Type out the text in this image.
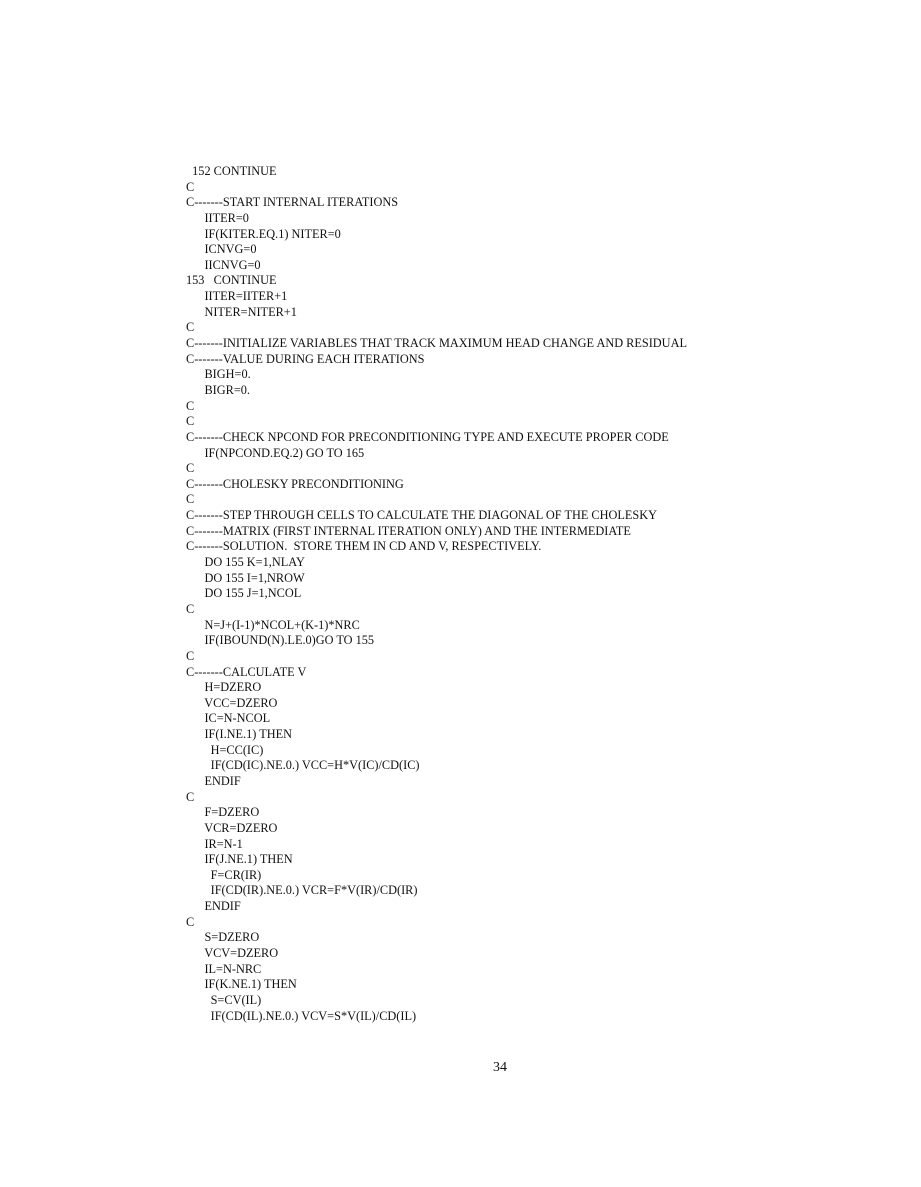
152 CONTINUE
C
C-------START INTERNAL ITERATIONS
IITER=0
IF(KITER.EQ.1) NITER=0
ICNVG=0
IICNVG=0
153   CONTINUE
IITER=IITER+1
NITER=NITER+1
C
C-------INITIALIZE VARIABLES THAT TRACK MAXIMUM HEAD CHANGE AND RESIDUAL
C-------VALUE DURING EACH ITERATIONS
BIGH=0.
BIGR=0.
C
C
C-------CHECK NPCOND FOR PRECONDITIONING TYPE AND EXECUTE PROPER CODE
IF(NPCOND.EQ.2) GO TO 165
C
C-------CHOLESKY PRECONDITIONING
C
C-------STEP THROUGH CELLS TO CALCULATE THE DIAGONAL OF THE CHOLESKY
C-------MATRIX (FIRST INTERNAL ITERATION ONLY) AND THE INTERMEDIATE
C-------SOLUTION.  STORE THEM IN CD AND V, RESPECTIVELY.
DO 155 K=1,NLAY
DO 155 I=1,NROW
DO 155 J=1,NCOL
C
N=J+(I-1)*NCOL+(K-1)*NRC
IF(IBOUND(N).LE.0)GO TO 155
C
C-------CALCULATE V
H=DZERO
VCC=DZERO
IC=N-NCOL
IF(I.NE.1) THEN
H=CC(IC)
IF(CD(IC).NE.0.) VCC=H*V(IC)/CD(IC)
ENDIF
C
F=DZERO
VCR=DZERO
IR=N-1
IF(J.NE.1) THEN
F=CR(IR)
IF(CD(IR).NE.0.) VCR=F*V(IR)/CD(IR)
ENDIF
C
S=DZERO
VCV=DZERO
IL=N-NRC
IF(K.NE.1) THEN
S=CV(IL)
IF(CD(IL).NE.0.) VCV=S*V(IL)/CD(IL)
34
